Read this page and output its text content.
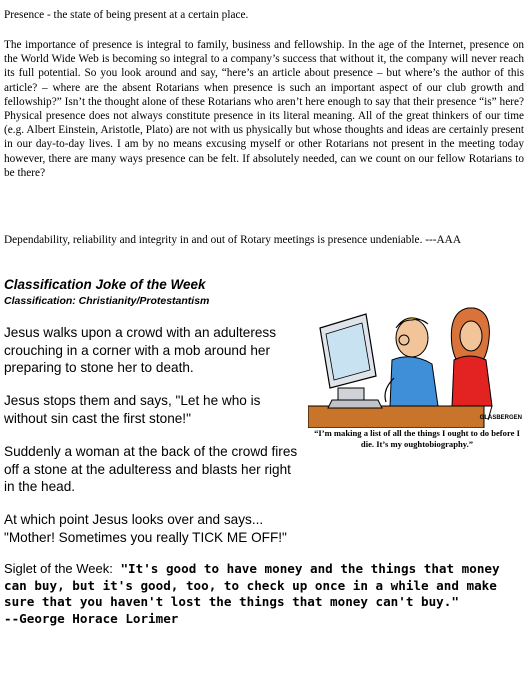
Presence - the state of being present at a certain place.
The importance of presence is integral to family, business and fellowship. In the age of the Internet, presence on the World Wide Web is becoming so integral to a company’s success that without it, the company will never reach its full potential. So you look around and say, “here’s an article about presence – but where’s the author of this article? – where are the absent Rotarians when presence is such an important aspect of our club growth and fellowship?” Isn’t the thought alone of these Rotarians who aren’t here enough to say that their presence “is” here? Physical presence does not always constitute presence in its literal meaning. All of the great thinkers of our time (e.g. Albert Einstein, Aristotle, Plato) are not with us physically but whose thoughts and ideas are certainly present in our day-to-day lives. I am by no means excusing myself or other Rotarians not present in the meeting today however, there are many ways presence can be felt. If absolutely needed, can we count on our fellow Rotarians to be there?
Dependability, reliability and integrity in and out of Rotary meetings is presence undeniable. ---AAA
Classification Joke of the Week
Classification: Christianity/Protestantism
Jesus walks upon a crowd with an adulteress crouching in a corner with a mob around her preparing to stone her to death.
Jesus stops them and says, "Let he who is without sin cast the first stone!"
Suddenly a woman at the back of the crowd fires off a stone at the adulteress and blasts her right in the head.
At which point Jesus looks over and says... "Mother! Sometimes you really TICK ME OFF!"
GLASBERGEN
“I’m making a list of all the things I ought to do before I die. It’s my oughtobiography.”
Siglet of the Week: "It's good to have money and the things that money can buy, but it's good, too, to check up once in a while and make sure that you haven't lost the things that money can't buy."
--George Horace Lorimer
